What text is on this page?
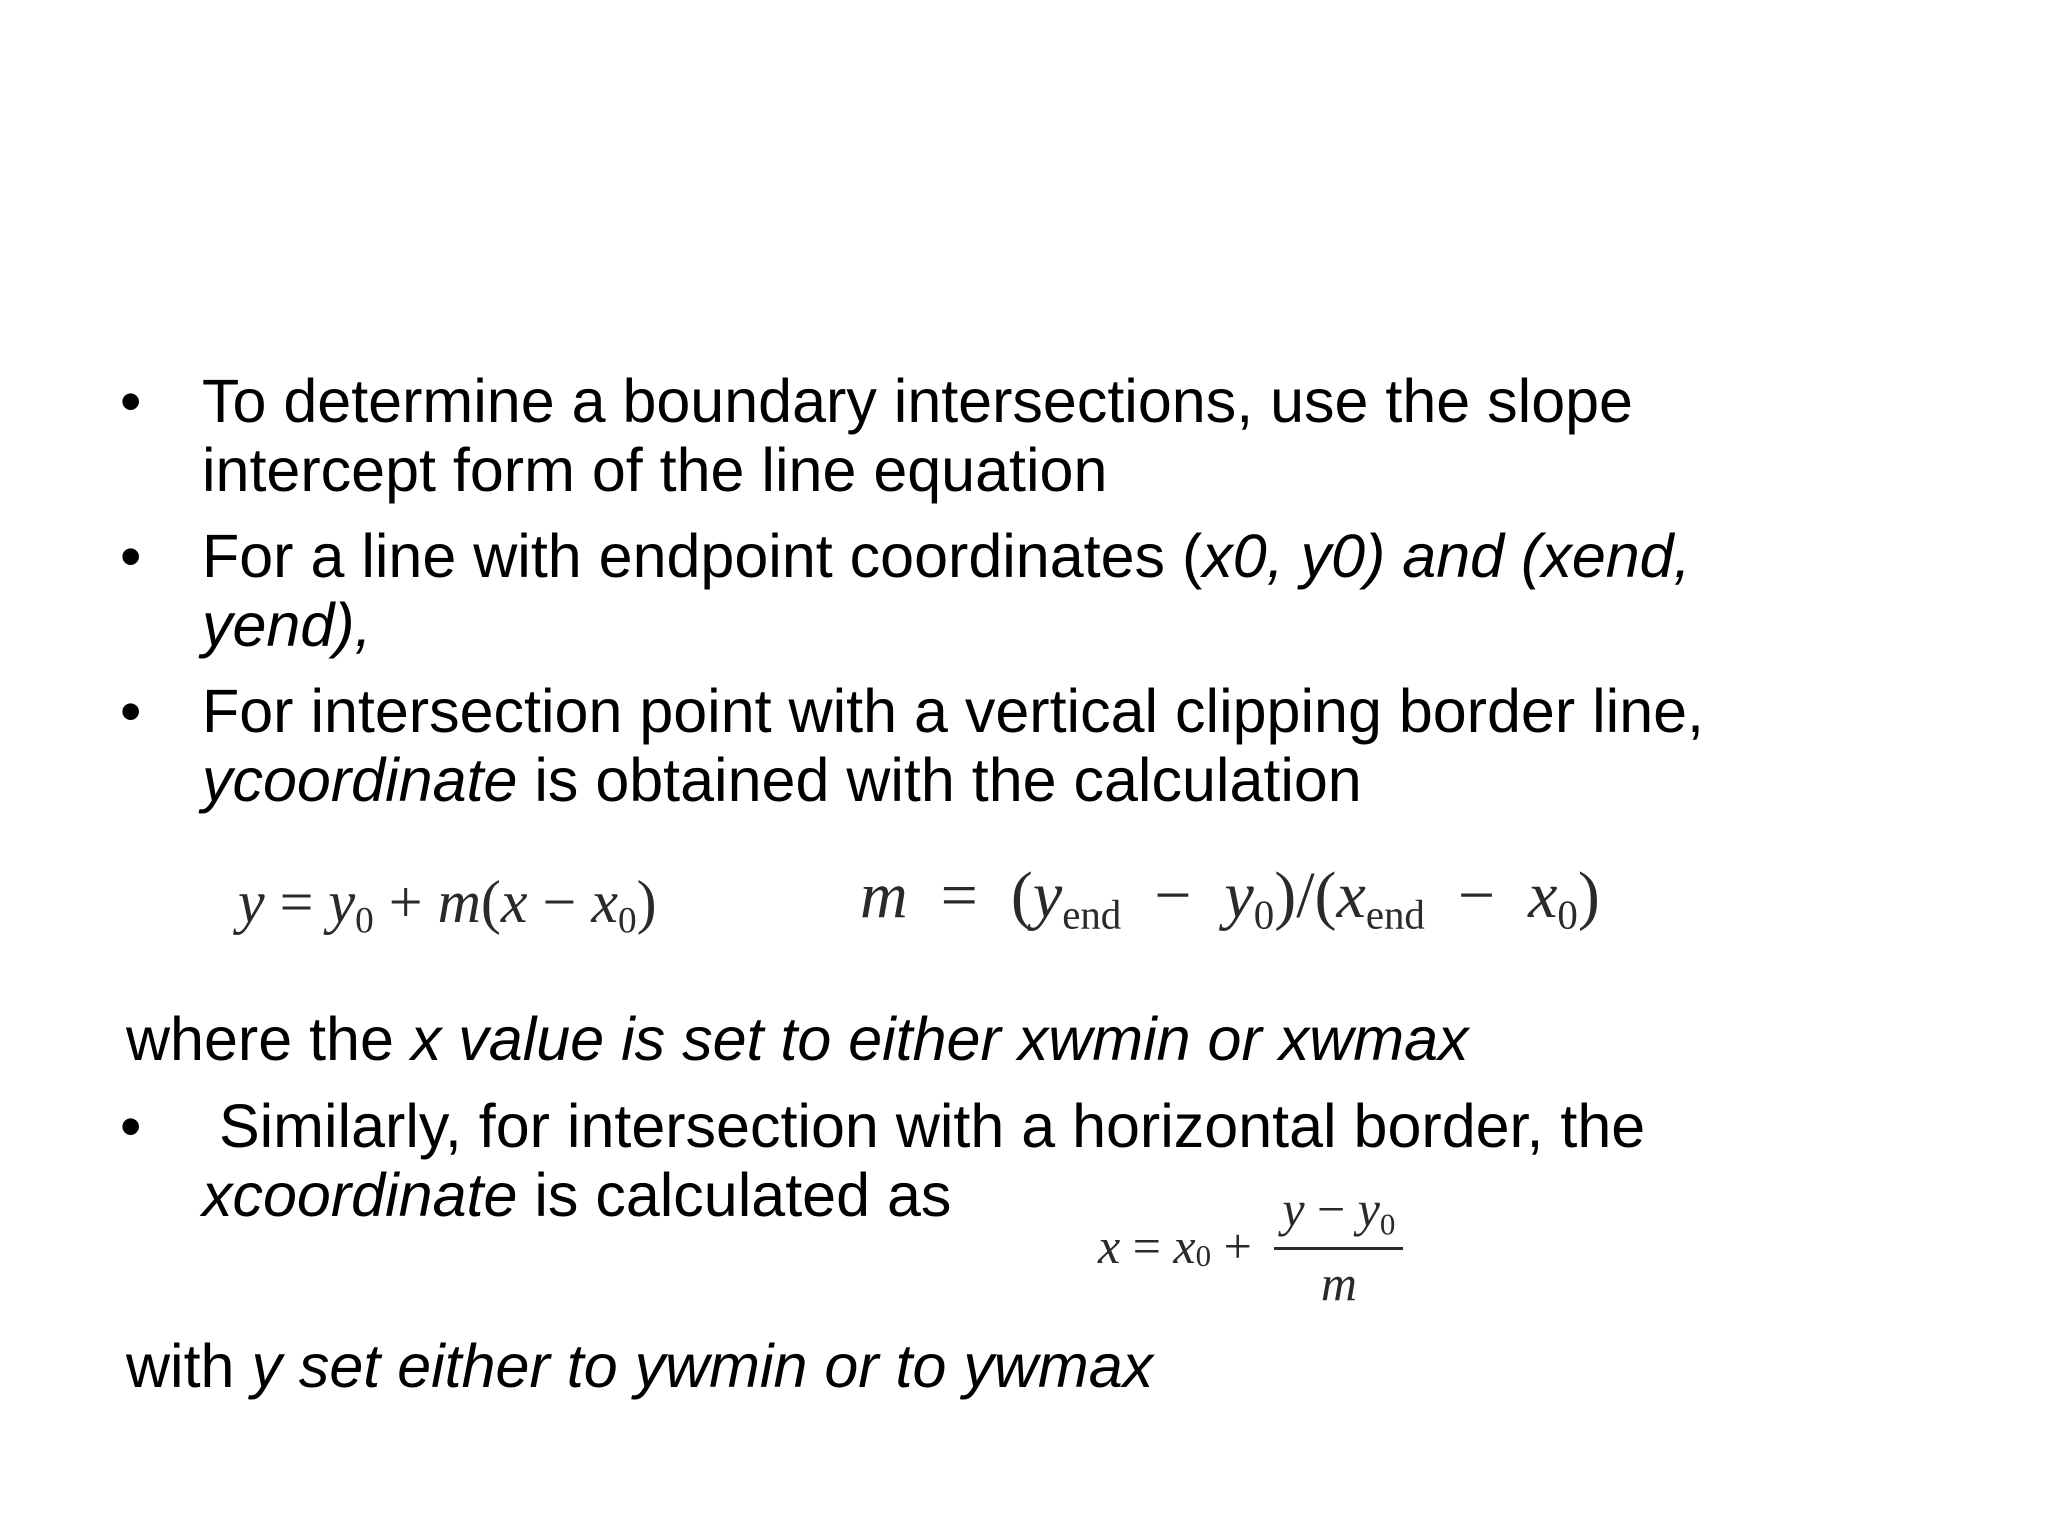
• To determine a boundary intersections, use the slope
intercept form of the line equation
• For a line with endpoint coordinates (x0, y0) and (xend,
yend),
• For intersection point with a vertical clipping border line,
ycoordinate is obtained with the calculation
$y = y_0 + m(x - x_0)$	$m = (y_{end} - y_0)/(x_{end} - x_0)$
where the x value is set to either xwmin or xwmax
• Similarly, for intersection with a horizontal border, the
xcoordinate is calculated as
$x = x_0 + \frac{y - y_0}{m}$
with y set either to ywmin or to ywmax
